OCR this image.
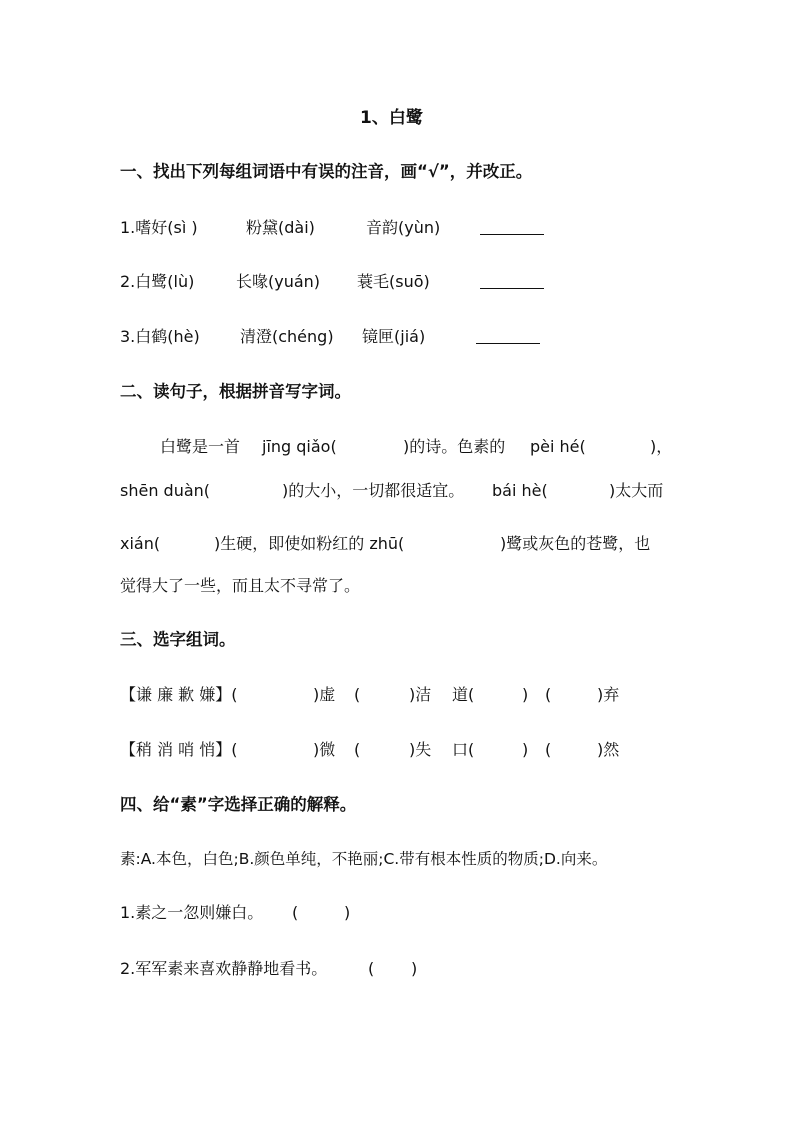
1、白鹭
一、找出下列每组词语中有误的注音，画“√”，并改正。
1.嗜好(sì )	粉黛(dài)	音韵(yùn)
2.白鹭(lù)	长喙(yuán) 蓑毛(suō)
3.白鹤(hè)	清澄(chéng) 镜匣(jiá)
二、读句子，根据拼音写字词。
白鹭是一首 jīng qiǎo(	)的诗。色素的 pèi hé(	)，
shēn duàn(	)的大小，一切都很适宜。 bái hè(	)太大而
xián(	)生硬，即使如粉红的 zhū(	)鹭或灰色的苍鹭，也
觉得大了一些，而且太不寻常了。
三、选字组词。
【谦 廉 歉 嫌】(	)虚 (	)洁 道(	) (	)弃
【稍 消 哨 悄】(	)微 (	)失 口(	) (	)然
四、给“素”字选择正确的解释。
素:A.本色，白色;B.颜色单纯，不艳丽;C.带有根本性质的物质;D.向来。
1.素之一忽则嫌白。 (	)
2.军军素来喜欢静静地看书。	( )
